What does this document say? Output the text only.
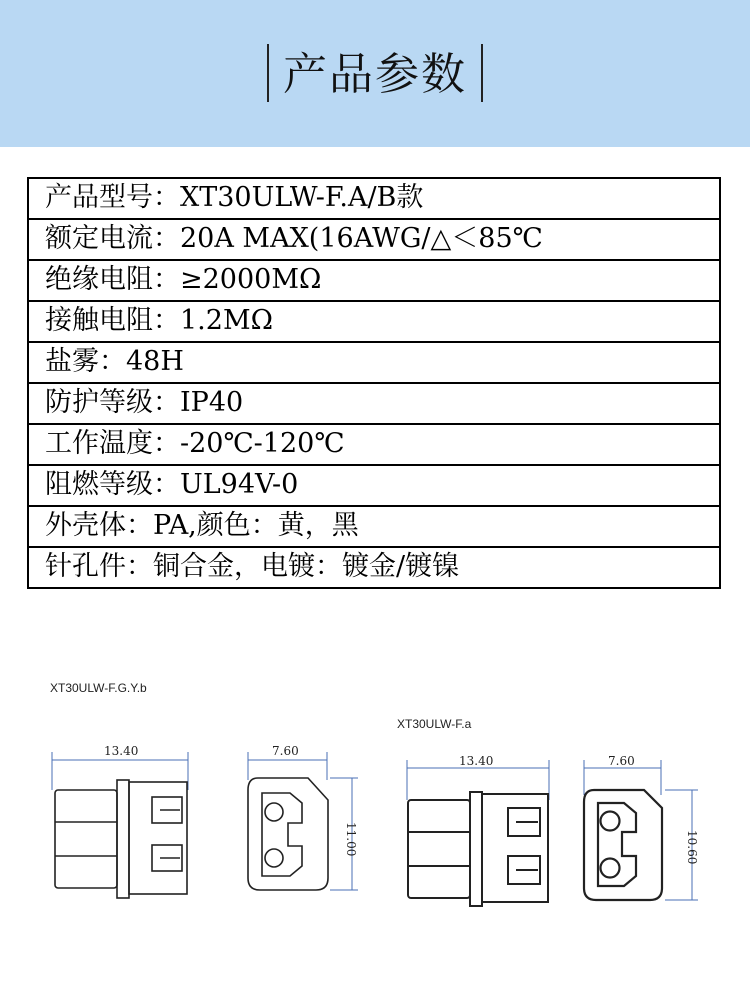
产品参数
产品型号：XT30ULW-F.A/B款
额定电流：20A MAX(16AWG/△＜85℃
绝缘电阻：≥2000MΩ
接触电阻：1.2MΩ
盐雾：48H
防护等级：IP40
工作温度：-20℃-120℃
阻燃等级：UL94V-0
外壳体：PA,颜色：黄，黑
针孔件：铜合金，电镀：镀金/镀镍
XT30ULW-F.G.Y.b
XT30ULW-F.a
13.40	7.60
11.00
13.40	7.60
10.60
